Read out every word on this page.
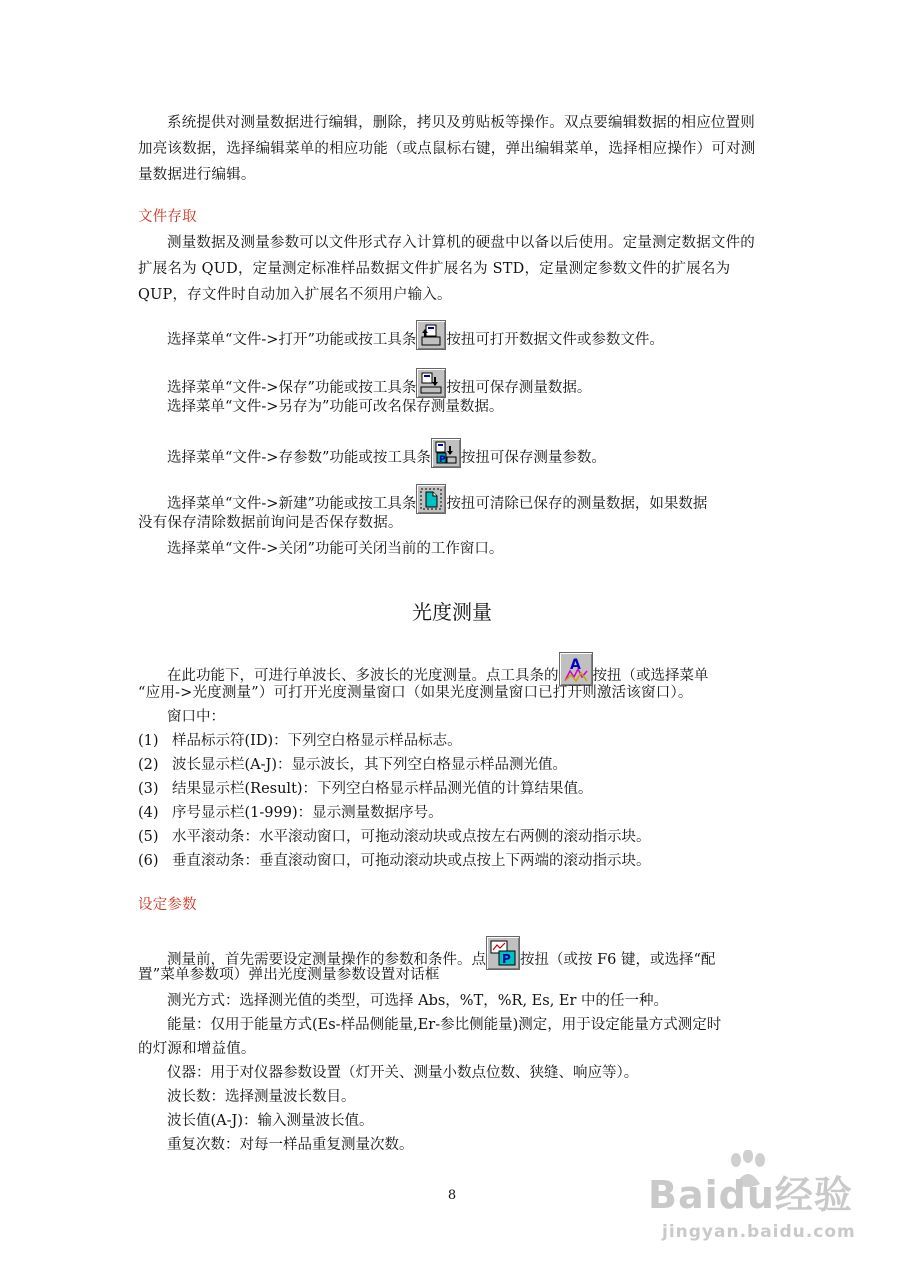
系统提供对测量数据进行编辑，删除，拷贝及剪贴板等操作。双点要编辑数据的相应位置则加亮该数据，选择编辑菜单的相应功能（或点鼠标右键，弹出编辑菜单，选择相应操作）可对测量数据进行编辑。

文件存取

测量数据及测量参数可以文件形式存入计算机的硬盘中以备以后使用。定量测定数据文件的扩展名为 QUD，定量测定标准样品数据文件扩展名为 STD，定量测定参数文件的扩展名为 QUP，存文件时自动加入扩展名不须用户输入。

选择菜单“文件->打开”功能或按工具条 按扭可打开数据文件或参数文件。
选择菜单“文件->保存”功能或按工具条 按扭可保存测量数据。
选择菜单“文件->另存为”功能可改名保存测量数据。
选择菜单“文件->存参数”功能或按工具条 P 按扭可保存测量参数。
选择菜单“文件->新建”功能或按工具条 按扭可清除已保存的测量数据，如果数据
没有保存清除数据前询问是否保存数据。
选择菜单“文件->关闭”功能可关闭当前的工作窗口。
光度测量
在此功能下，可进行单波长、多波长的光度测量。点工具条的
A
按扭（或选择菜单
“应用->光度测量”）可打开光度测量窗口（如果光度测量窗口已打开则激活该窗口）。
窗口中：
(1) 样品标示符(ID)：下列空白格显示样品标志。
(2) 波长显示栏(A-J)：显示波长，其下列空白格显示样品测光值。
(3) 结果显示栏(Result)：下列空白格显示样品测光值的计算结果值。
(4) 序号显示栏(1-999)：显示测量数据序号。
(5) 水平滚动条：水平滚动窗口，可拖动滚动块或点按左右两侧的滚动指示块。
(6) 垂直滚动条：垂直滚动窗口，可拖动滚动块或点按上下两端的滚动指示块。
设定参数
测量前，首先需要设定测量操作的参数和条件。点 P 按扭（或按 F6 键，或选择“配
置”菜单参数项）弹出光度测量参数设置对话框
测光方式：选择测光值的类型，可选择 Abs，%T，%R, Es, Er 中的任一种。
能量：仅用于能量方式(Es-样品侧能量,Er-参比侧能量)测定，用于设定能量方式测定时
的灯源和增益值。
仪器：用于对仪器参数设置（灯开关、测量小数点位数、狭缝、响应等）。
波长数：选择测量波长数目。
波长值(A-J)：输入测量波长值。
重复次数：对每一样品重复测量次数。
8	Baidu经验
jingyan.baidu.com
